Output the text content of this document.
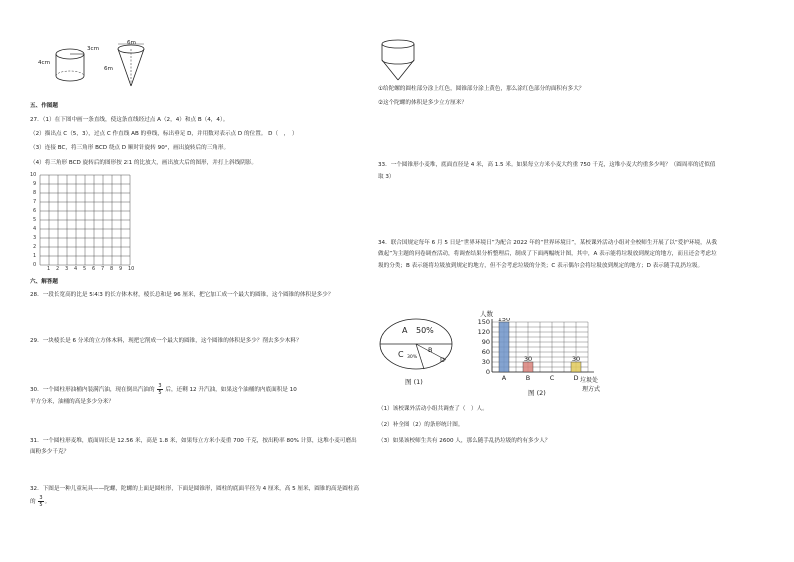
3cm
4cm
6m
6m
五、作图题
27．（1）在下图中画一条直线，使这条直线经过点 A（2，4）和点 B（4，4）。
（2）描出点 C（5，3），过点 C 作直线 AB 的垂线，标出垂足 D，并用数对表示点 D 的位置。 D（　，　）
（3）连接 BC，将三角形 BCD 绕点 D 顺时针旋转 90°，画出旋转后的三角形。
（4）将三角形 BCD 旋转后的图形按 2∶1 的比放大，画出放大后的图形，并打上斜线阴影。
10
9
8
7
6
5
4
3
2
1
0
1 2 3 4 5 6 7 8 9 10
六、解答题
28．一段长宽高的比是 5∶4∶3 的长方体木材，棱长总和是 96 厘米，把它加工成一个最大的圆锥，这个圆锥的体积是多少？
29．一块棱长是 6 分米的立方体木料，现把它削成一个最大的圆锥，这个圆锥的体积是多少？削去多少木料？
30．一个圆柱形油桶内装满汽油，现在倒出汽油的 $\frac{3}{5}$ 后，还剩 12 升汽油，如果这个油桶的内底面积是 10
平方分米，油桶的高是多少分米？
31．一个圆柱形麦堆，底面周长是 12.56 米，高是 1.8 米，如果每立方米小麦重 700 千克，按出粉率 80% 计算，这堆小麦可磨出面粉多少千克？
32．下图是一种儿童玩具——陀螺，陀螺的上面是圆柱形，下面是圆锥形，圆柱的底面半径为 4 厘米，高 5 厘米，圆锥的高是圆柱高的 $\frac{3}{5}$ 。
①给陀螺的圆柱部分涂上红色，圆锥部分涂上黄色，那么涂红色部分的面积有多大？
②这个陀螺的体积是多少立方厘米？
33．一个圆锥形小麦堆，底面直径是 4 米，高 1.5 米。如果每立方米小麦大约重 750 千克，这堆小麦大约重多少吨？（圆周率的近似值取 3）
34．联合国规定每年 6 月 5 日是“世界环境日”为配合 2022 年的“世界环境日”，某校课外活动小组对全校师生开展了以“爱护环境，从我做起”为主题的问卷调查活动，将调查结果分析整理后，制成了下面两幅统计图，其中，A 表示能将垃圾放到规定的地方，而且还会考虑垃圾的分类；B 表示能将垃圾放到规定的地方，但不会考虑垃圾的分类；C 表示偶尔会将垃圾放到规定的地方；D 表示随手乱扔垃圾。
A 50%
C 30%
B
D
图 (1)
人数
150
120
90
60
30
0
A
150
B
30
C	D
30
图 (2)
垃圾处
理方式
（1）该校课外活动小组共调查了（　）人。
（2）补全图（2）的条形统计图。
（3）如果该校师生共有 2600 人，那么随手乱扔垃圾的约有多少人？
